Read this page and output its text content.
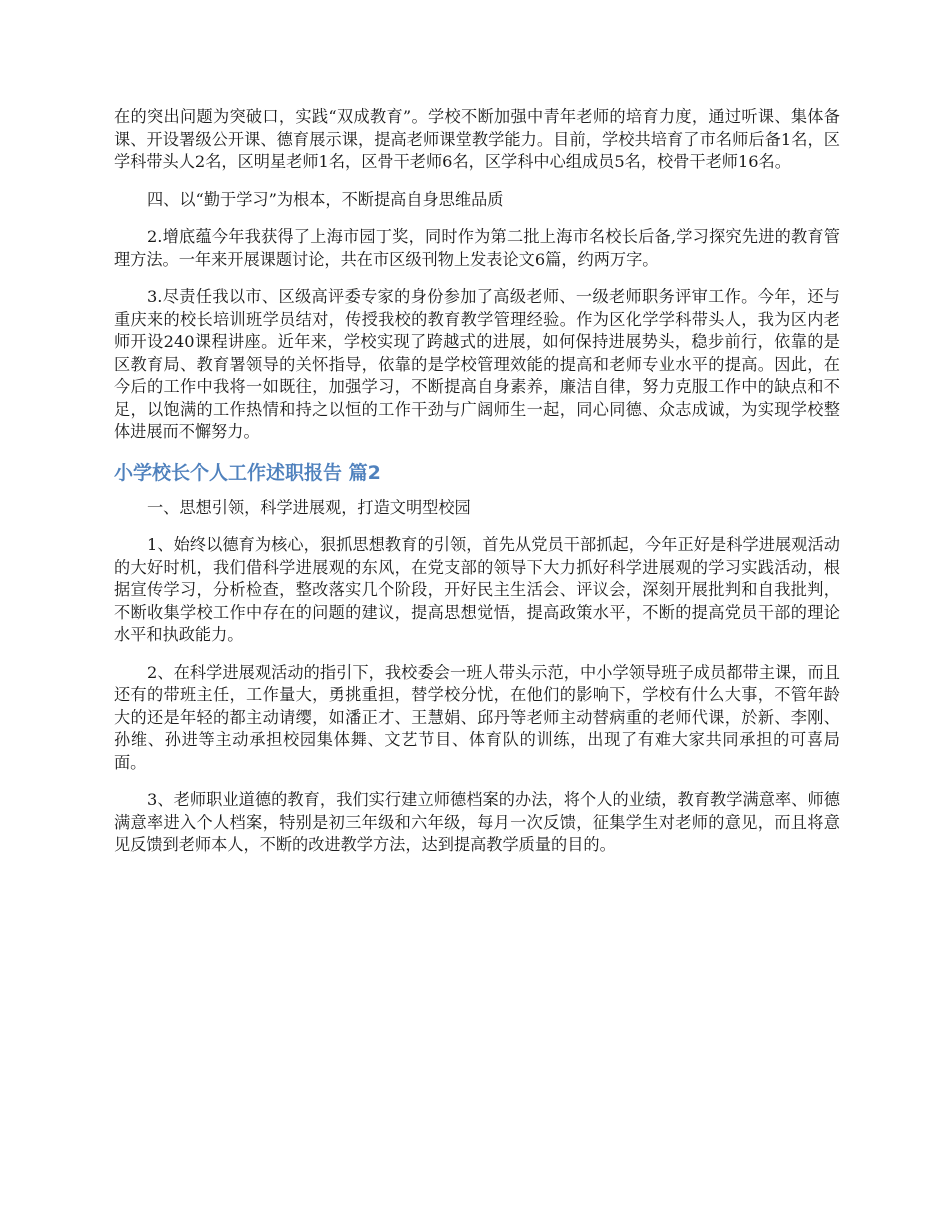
在的突出问题为突破口，实践“双成教育”。学校不断加强中青年老师的培育力度，通过听课、集体备课、开设署级公开课、德育展示课，提高老师课堂教学能力。目前，学校共培育了市名师后备1名，区学科带头人2名，区明星老师1名，区骨干老师6名，区学科中心组成员5名，校骨干老师16名。

四、以“勤于学习”为根本，不断提高自身思维品质

2.增底蕴今年我获得了上海市园丁奖，同时作为第二批上海市名校长后备,学习探究先进的教育管理方法。一年来开展课题讨论，共在市区级刊物上发表论文6篇，约两万字。

3.尽责任我以市、区级高评委专家的身份参加了高级老师、一级老师职务评审工作。今年，还与重庆来的校长培训班学员结对，传授我校的教育教学管理经验。作为区化学学科带头人，我为区内老师开设240课程讲座。近年来，学校实现了跨越式的进展，如何保持进展势头，稳步前行，依靠的是区教育局、教育署领导的关怀指导，依靠的是学校管理效能的提高和老师专业水平的提高。因此，在今后的工作中我将一如既往，加强学习，不断提高自身素养，廉洁自律，努力克服工作中的缺点和不足，以饱满的工作热情和持之以恒的工作干劲与广阔师生一起，同心同德、众志成诚，为实现学校整体进展而不懈努力。

小学校长个人工作述职报告 篇2

一、思想引领，科学进展观，打造文明型校园

1、始终以德育为核心，狠抓思想教育的引领，首先从党员干部抓起，今年正好是科学进展观活动的大好时机，我们借科学进展观的东风，在党支部的领导下大力抓好科学进展观的学习实践活动，根据宣传学习，分析检查，整改落实几个阶段，开好民主生活会、评议会，深刻开展批判和自我批判，不断收集学校工作中存在的问题的建议，提高思想觉悟，提高政策水平，不断的提高党员干部的理论水平和执政能力。

2、在科学进展观活动的指引下，我校委会一班人带头示范，中小学领导班子成员都带主课，而且还有的带班主任，工作量大，勇挑重担，替学校分忧，在他们的影响下，学校有什么大事，不管年龄大的还是年轻的都主动请缨，如潘正才、王慧娟、邱丹等老师主动替病重的老师代课，於新、李刚、孙维、孙进等主动承担校园集体舞、文艺节目、体育队的训练，出现了有难大家共同承担的可喜局面。

3、老师职业道德的教育，我们实行建立师德档案的办法，将个人的业绩，教育教学满意率、师德满意率进入个人档案，特别是初三年级和六年级，每月一次反馈，征集学生对老师的意见，而且将意见反馈到老师本人，不断的改进教学方法，达到提高教学质量的目的。
